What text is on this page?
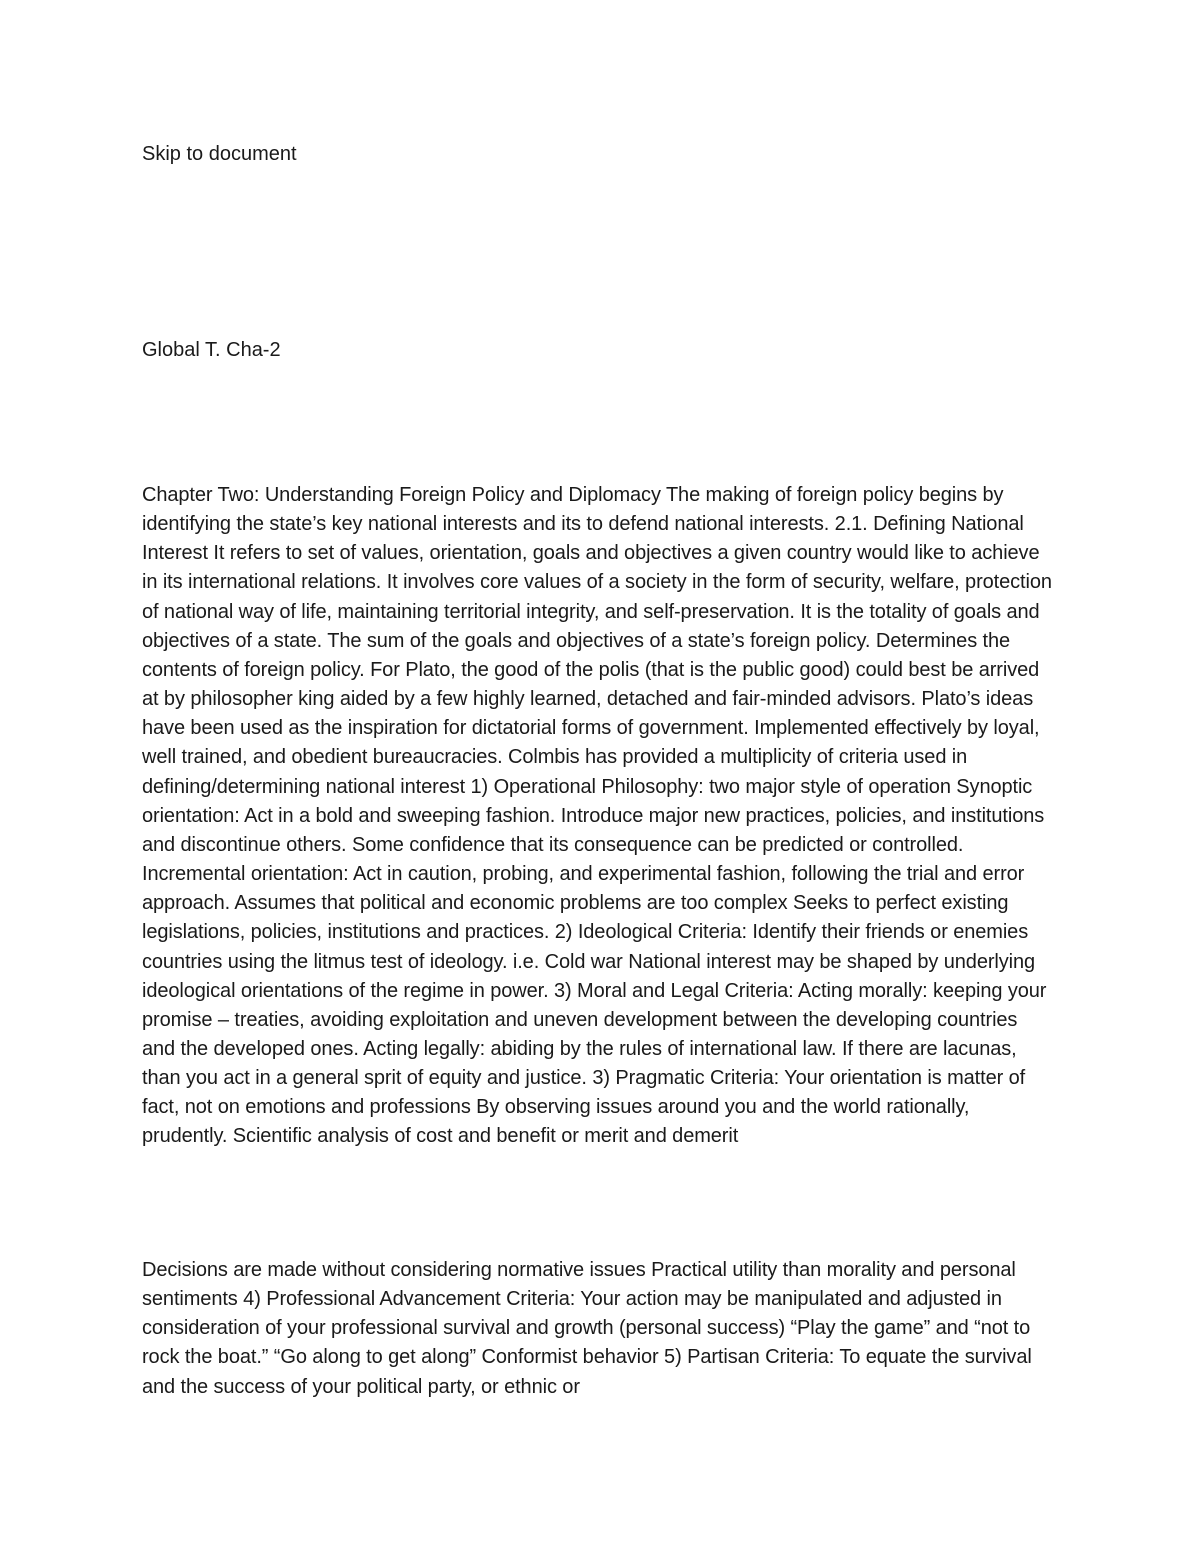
Skip to document
Global T. Cha-2

Chapter Two: Understanding Foreign Policy and Diplomacy The making of foreign policy begins by identifying the state’s key national interests and its to defend national interests. 2.1. Defining National Interest It refers to set of values, orientation, goals and objectives a given country would like to achieve in its international relations. It involves core values of a society in the form of security, welfare, protection of national way of life, maintaining territorial integrity, and self-preservation. It is the totality of goals and objectives of a state. The sum of the goals and objectives of a state’s foreign policy. Determines the contents of foreign policy. For Plato, the good of the polis (that is the public good) could best be arrived at by philosopher king aided by a few highly learned, detached and fair-minded advisors. Plato’s ideas have been used as the inspiration for dictatorial forms of government. Implemented effectively by loyal, well trained, and obedient bureaucracies. Colmbis has provided a multiplicity of criteria used in defining/determining national interest 1) Operational Philosophy: two major style of operation Synoptic orientation: Act in a bold and sweeping fashion. Introduce major new practices, policies, and institutions and discontinue others. Some confidence that its consequence can be predicted or controlled. Incremental orientation: Act in caution, probing, and experimental fashion, following the trial and error approach. Assumes that political and economic problems are too complex Seeks to perfect existing legislations, policies, institutions and practices. 2) Ideological Criteria: Identify their friends or enemies countries using the litmus test of ideology. i.e. Cold war National interest may be shaped by underlying ideological orientations of the regime in power. 3) Moral and Legal Criteria: Acting morally: keeping your promise – treaties, avoiding exploitation and uneven development between the developing countries and the developed ones. Acting legally: abiding by the rules of international law. If there are lacunas, than you act in a general sprit of equity and justice. 3) Pragmatic Criteria: Your orientation is matter of fact, not on emotions and professions By observing issues around you and the world rationally, prudently. Scientific analysis of cost and benefit or merit and demerit

Decisions are made without considering normative issues Practical utility than morality and personal sentiments 4) Professional Advancement Criteria: Your action may be manipulated and adjusted in consideration of your professional survival and growth (personal success) “Play the game” and “not to rock the boat.” “Go along to get along” Conformist behavior 5) Partisan Criteria: To equate the survival and the success of your political party, or ethnic or
